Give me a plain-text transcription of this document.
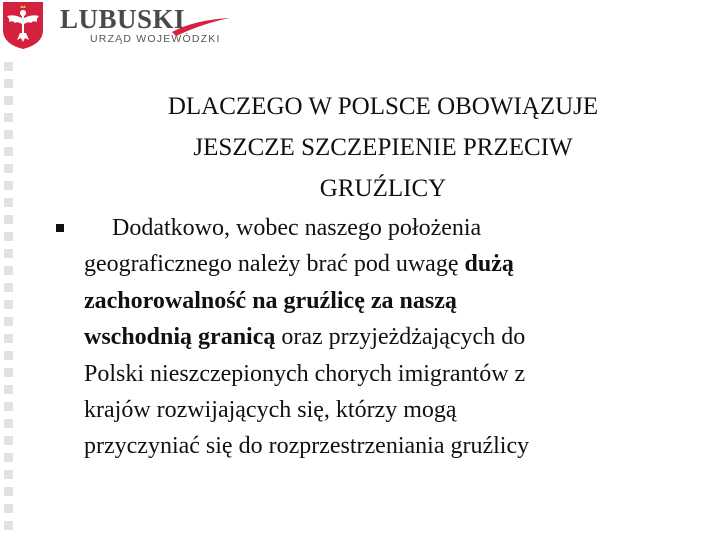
LUBUSKI
URZĄD WOJEWÓDZKI
DLACZEGO W POLSCE OBOWIĄZUJE
JESZCZE SZCZEPIENIE PRZECIW
GRUŹLICY
Dodatkowo, wobec naszego położenia
geograficznego należy brać pod uwagę dużą
zachorowalność na gruźlicę za naszą
wschodnią granicą oraz przyjeżdżających do
Polski nieszczepionych chorych imigrantów z
krajów rozwijających się, którzy mogą
przyczyniać się do rozprzestrzeniania gruźlicy
